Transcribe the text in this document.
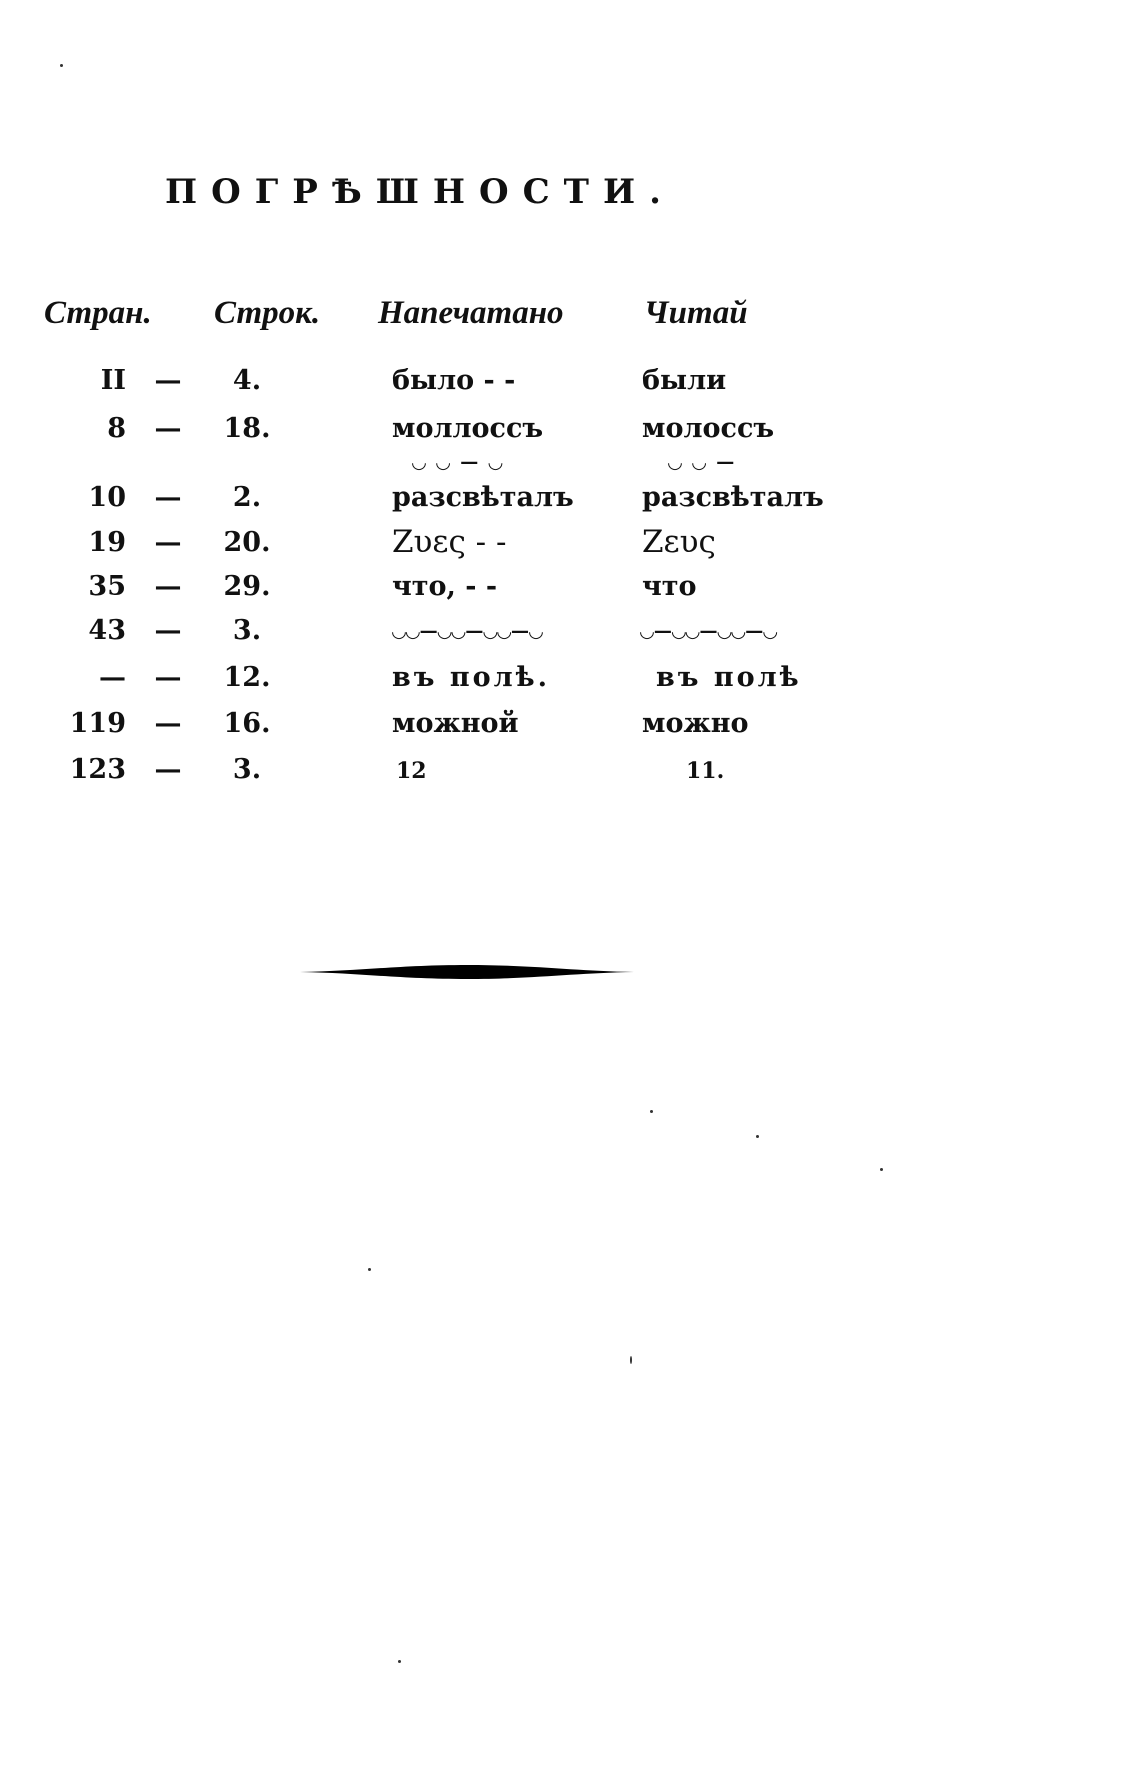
ПОГРѢШНОСТИ.
Стран. Строк. Напечатано Читай
II —	4.	было - -	были
8 —	18.	моллоссъ	молоссъ
◡ ◡ — ◡	◡ ◡ —
10 —	2.	разсвѣталъ	разсвѣталъ
19 —	20.	Ζυες - -	Ζευς
35 —	29.	что, - -	что
43 —	3.	◡◡—◡◡—◡◡—◡	◡—◡◡—◡◡—◡
— —	12.	въ полѣ.	въ полѣ
119 —	16.	можной	можно
123 —	3.	12	11.
